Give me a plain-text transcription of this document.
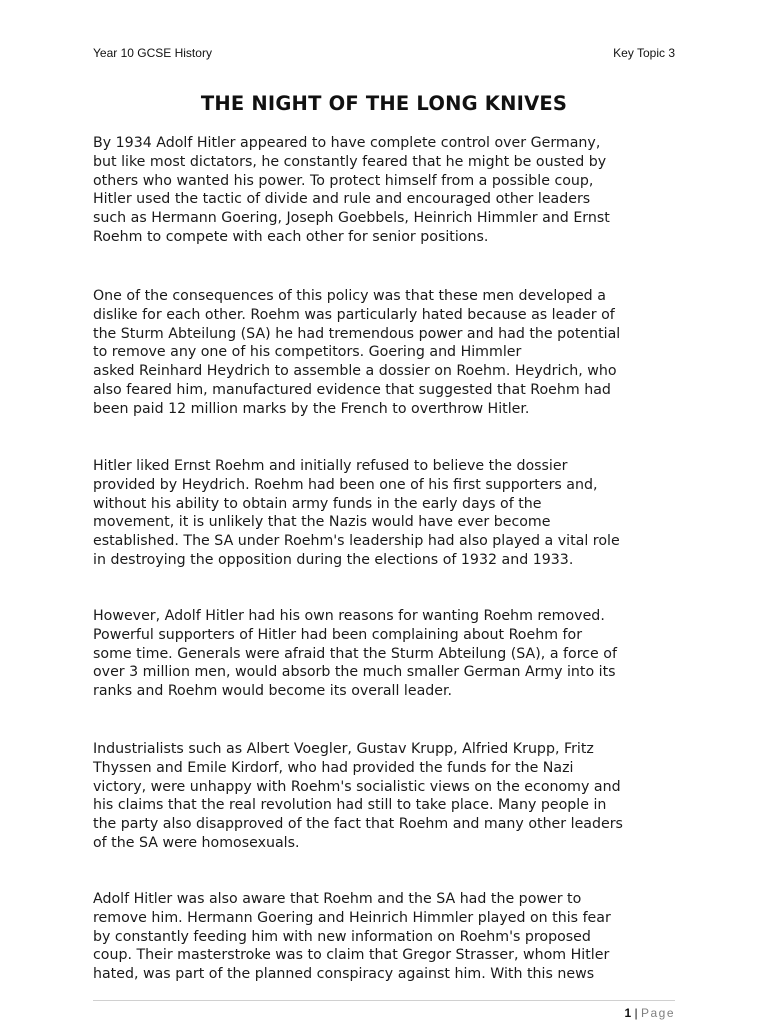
Year 10 GCSE History	Key Topic 3
THE NIGHT OF THE LONG KNIVES
By 1934 Adolf Hitler appeared to have complete control over Germany,
but like most dictators, he constantly feared that he might be ousted by
others who wanted his power. To protect himself from a possible coup,
Hitler used the tactic of divide and rule and encouraged other leaders
such as Hermann Goering, Joseph Goebbels, Heinrich Himmler and Ernst
Roehm to compete with each other for senior positions.
One of the consequences of this policy was that these men developed a
dislike for each other. Roehm was particularly hated because as leader of
the Sturm Abteilung (SA) he had tremendous power and had the potential
to remove any one of his competitors. Goering and Himmler
asked Reinhard Heydrich to assemble a dossier on Roehm. Heydrich, who
also feared him, manufactured evidence that suggested that Roehm had
been paid 12 million marks by the French to overthrow Hitler.
Hitler liked Ernst Roehm and initially refused to believe the dossier
provided by Heydrich. Roehm had been one of his first supporters and,
without his ability to obtain army funds in the early days of the
movement, it is unlikely that the Nazis would have ever become
established. The SA under Roehm's leadership had also played a vital role
in destroying the opposition during the elections of 1932 and 1933.
However, Adolf Hitler had his own reasons for wanting Roehm removed.
Powerful supporters of Hitler had been complaining about Roehm for
some time. Generals were afraid that the Sturm Abteilung (SA), a force of
over 3 million men, would absorb the much smaller German Army into its
ranks and Roehm would become its overall leader.
Industrialists such as Albert Voegler, Gustav Krupp, Alfried Krupp, Fritz
Thyssen and Emile Kirdorf, who had provided the funds for the Nazi
victory, were unhappy with Roehm's socialistic views on the economy and
his claims that the real revolution had still to take place. Many people in
the party also disapproved of the fact that Roehm and many other leaders
of the SA were homosexuals.
Adolf Hitler was also aware that Roehm and the SA had the power to
remove him. Hermann Goering and Heinrich Himmler played on this fear
by constantly feeding him with new information on Roehm's proposed
coup. Their masterstroke was to claim that Gregor Strasser, whom Hitler
hated, was part of the planned conspiracy against him. With this news
1 | Page
